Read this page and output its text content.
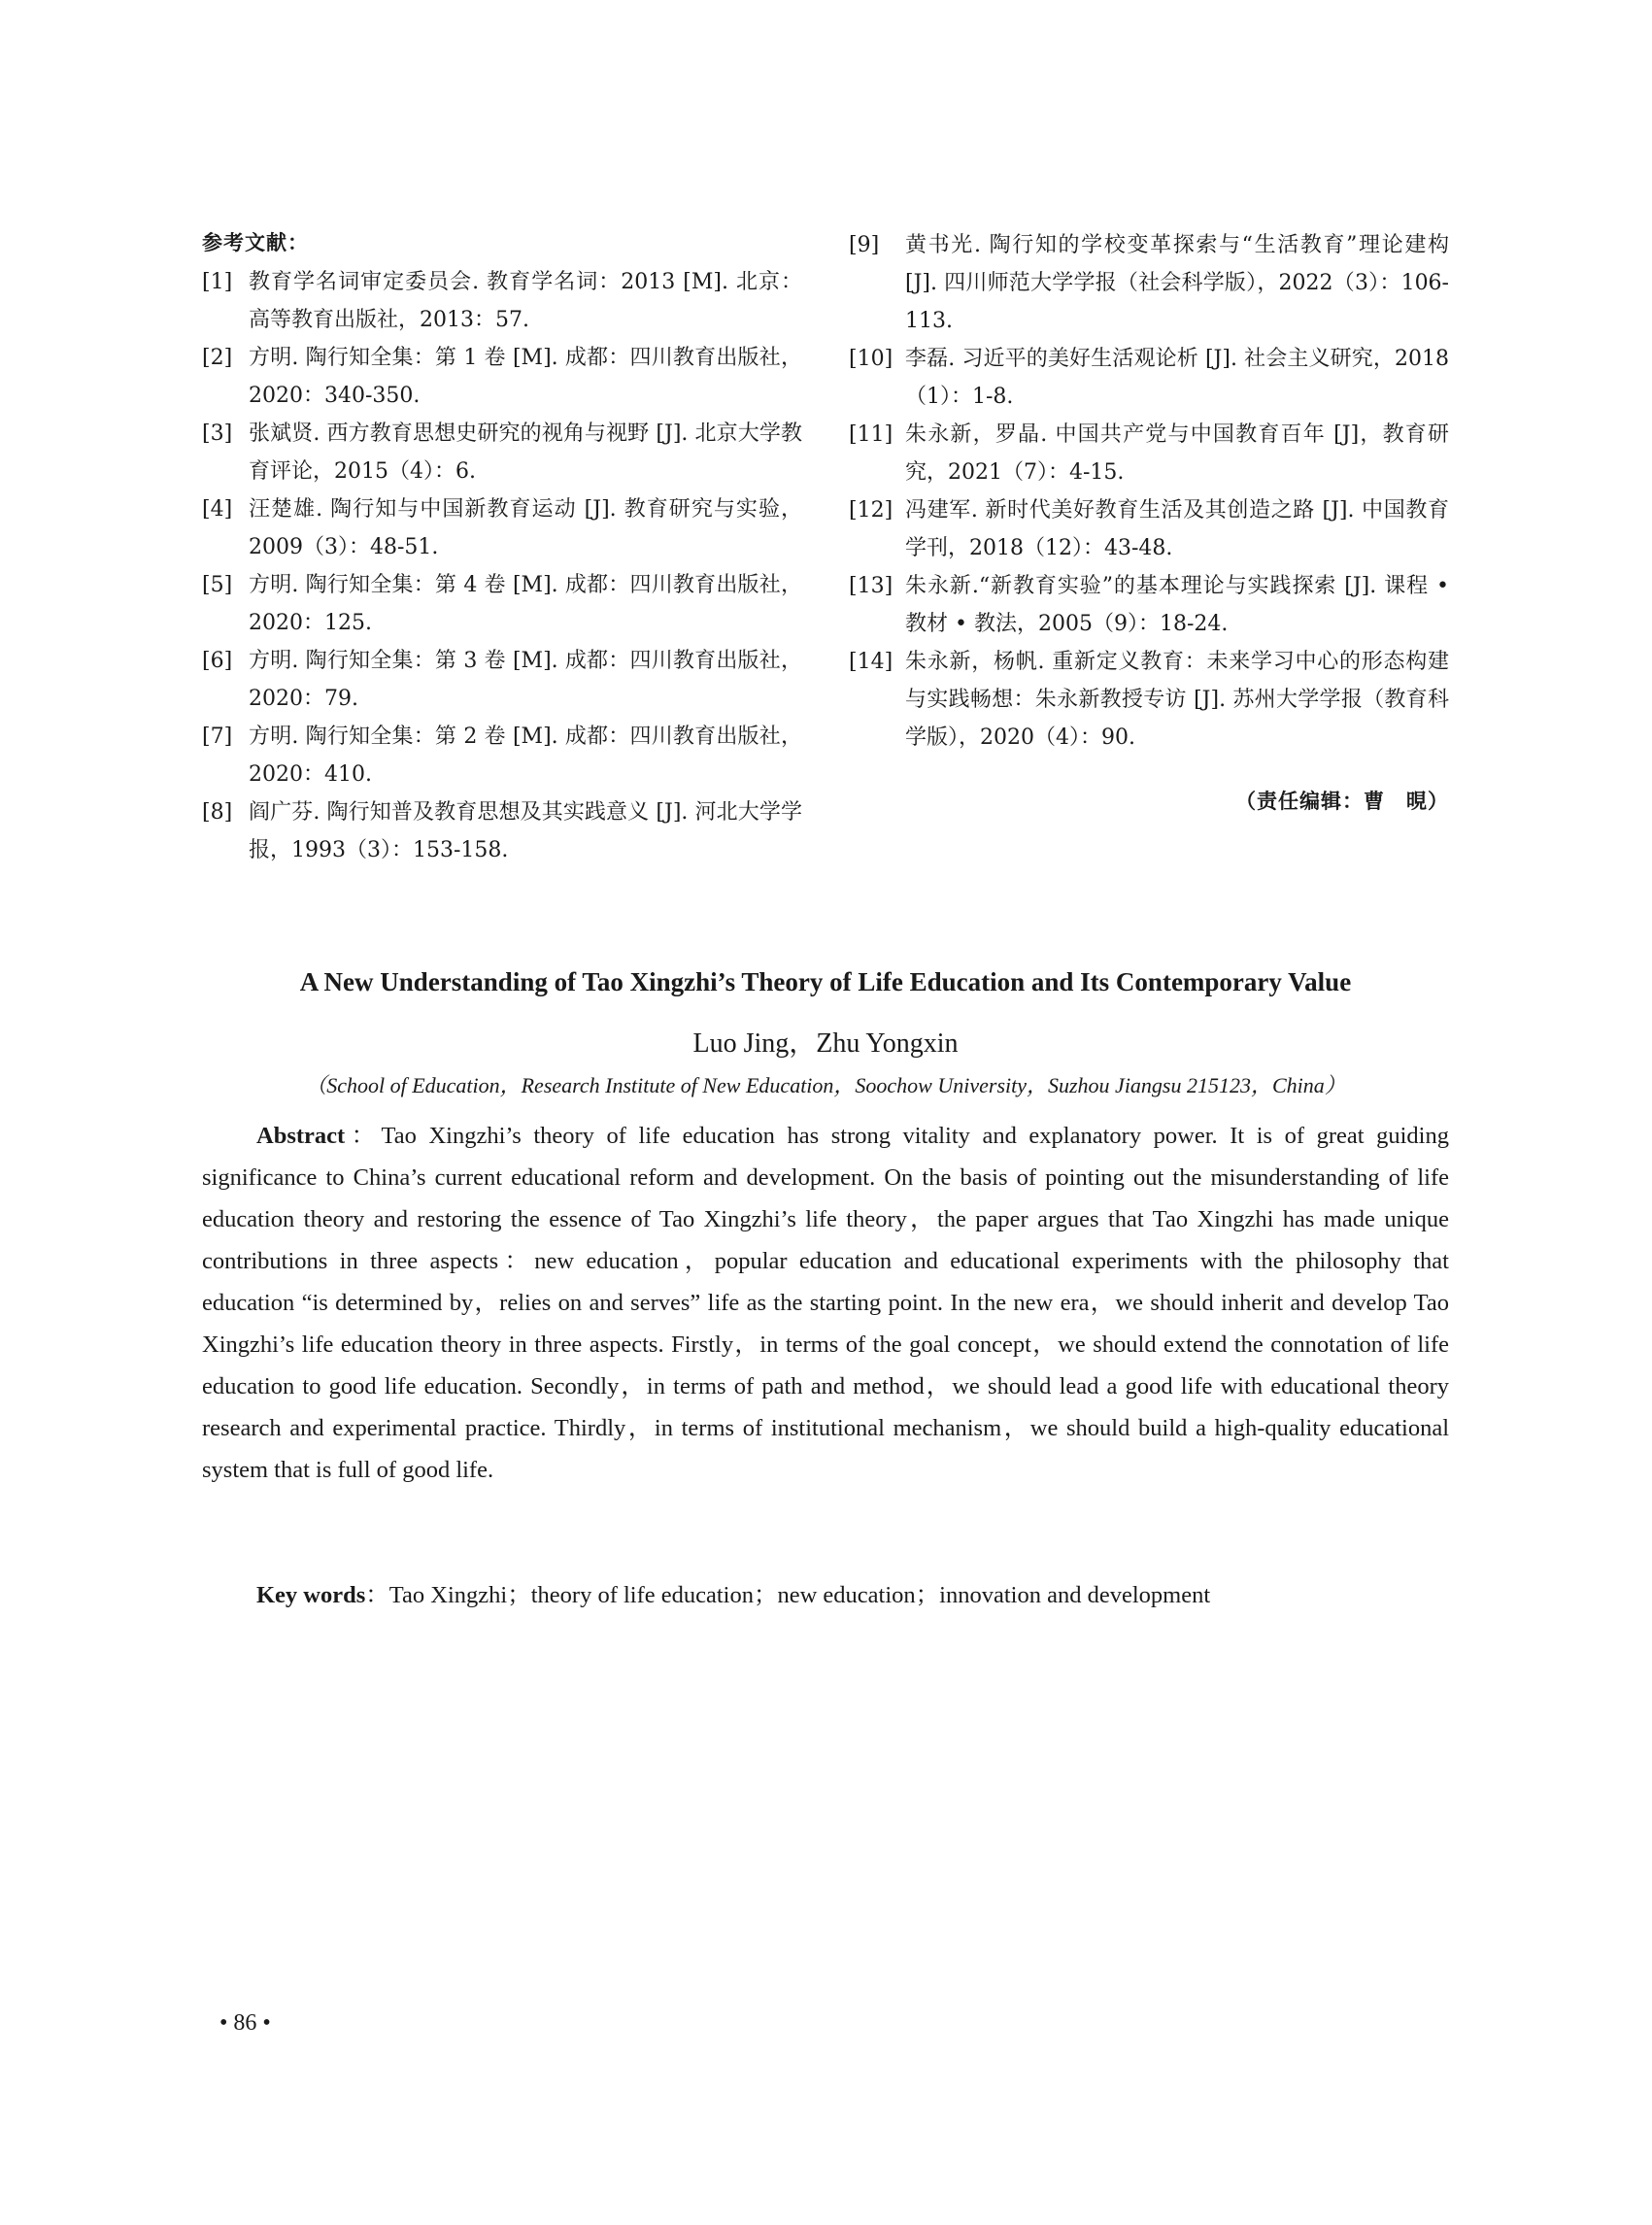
参考文献：
[1] 教育学名词审定委员会. 教育学名词：2013 [M]. 北京：高等教育出版社，2013：57.
[2] 方明. 陶行知全集：第 1 卷 [M]. 成都：四川教育出版社，2020：340-350.
[3] 张斌贤. 西方教育思想史研究的视角与视野 [J]. 北京大学教育评论，2015（4）：6.
[4] 汪楚雄. 陶行知与中国新教育运动 [J]. 教育研究与实验，2009（3）：48-51.
[5] 方明. 陶行知全集：第 4 卷 [M]. 成都：四川教育出版社，2020：125.
[6] 方明. 陶行知全集：第 3 卷 [M]. 成都：四川教育出版社，2020：79.
[7] 方明. 陶行知全集：第 2 卷 [M]. 成都：四川教育出版社，2020：410.
[8] 阎广芬. 陶行知普及教育思想及其实践意义 [J]. 河北大学学报，1993（3）：153-158.
[9] 黄书光. 陶行知的学校变革探索与“生活教育”理论建构 [J]. 四川师范大学学报（社会科学版），2022（3）：106-113.
[10] 李磊. 习近平的美好生活观论析 [J]. 社会主义研究，2018（1）：1-8.
[11] 朱永新，罗晶. 中国共产党与中国教育百年 [J]，教育研究，2021（7）：4-15.
[12] 冯建军. 新时代美好教育生活及其创造之路 [J]. 中国教育学刊，2018（12）：43-48.
[13] 朱永新.“新教育实验”的基本理论与实践探索 [J]. 课程 • 教材 • 教法，2005（9）：18-24.
[14] 朱永新，杨帆. 重新定义教育：未来学习中心的形态构建与实践畅想：朱永新教授专访 [J]. 苏州大学学报（教育科学版），2020（4）：90.
（责任编辑：曹　晛）
A New Understanding of Tao Xingzhi’s Theory of Life Education and Its Contemporary Value
Luo Jing，Zhu Yongxin
（School of Education，Research Institute of New Education，Soochow University，Suzhou Jiangsu 215123，China）

Abstract：Tao Xingzhi’s theory of life education has strong vitality and explanatory power. It is of great guiding significance to China’s current educational reform and development. On the basis of pointing out the misunderstanding of life education theory and restoring the essence of Tao Xingzhi’s life theory，the paper argues that Tao Xingzhi has made unique contributions in three aspects：new education，popular education and educational experiments with the philosophy that education “is determined by，relies on and serves” life as the starting point. In the new era，we should inherit and develop Tao Xingzhi’s life education theory in three aspects. Firstly，in terms of the goal concept，we should extend the connotation of life education to good life education. Secondly，in terms of path and method，we should lead a good life with educational theory research and experimental practice. Thirdly，in terms of institutional mechanism，we should build a high-quality educational system that is full of good life.

Key words：Tao Xingzhi；theory of life education；new education；innovation and development

• 86 •
